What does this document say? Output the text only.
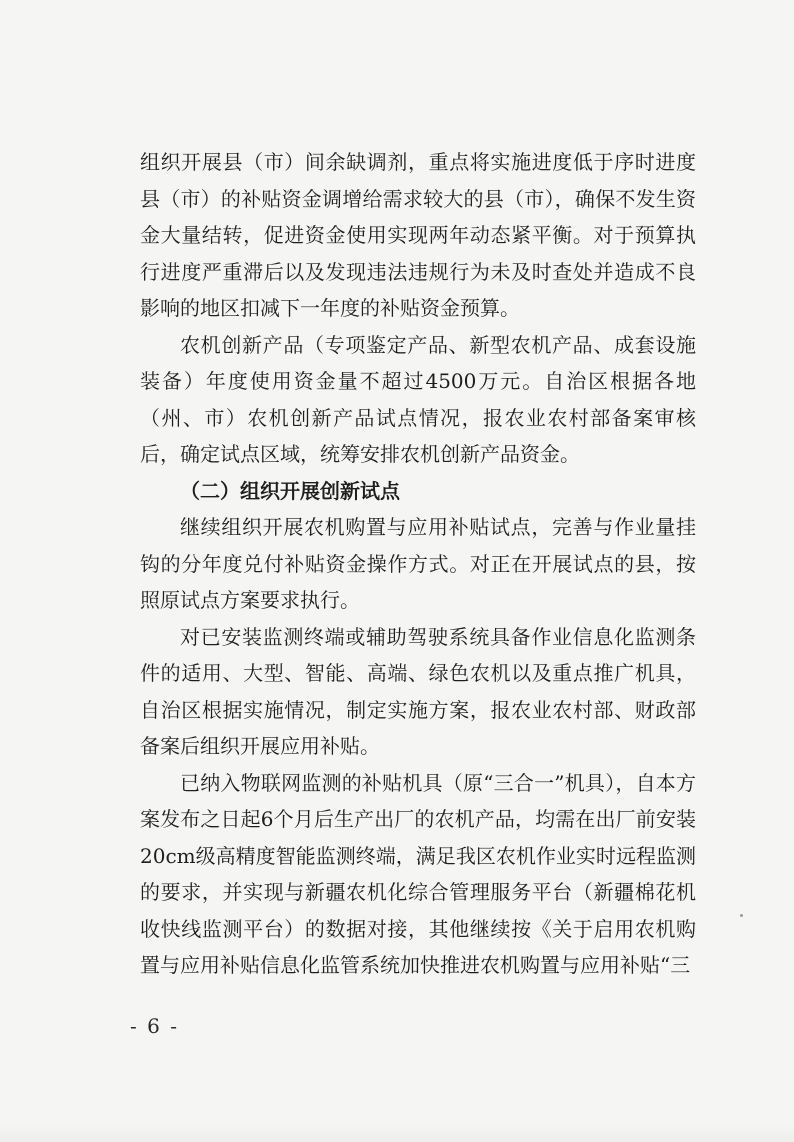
组织开展县（市）间余缺调剂，重点将实施进度低于序时进度县（市）的补贴资金调增给需求较大的县（市），确保不发生资金大量结转，促进资金使用实现两年动态紧平衡。对于预算执行进度严重滞后以及发现违法违规行为未及时查处并造成不良影响的地区扣减下一年度的补贴资金预算。

农机创新产品（专项鉴定产品、新型农机产品、成套设施装备）年度使用资金量不超过4500万元。自治区根据各地（州、市）农机创新产品试点情况，报农业农村部备案审核后，确定试点区域，统筹安排农机创新产品资金。

（二）组织开展创新试点

继续组织开展农机购置与应用补贴试点，完善与作业量挂钩的分年度兑付补贴资金操作方式。对正在开展试点的县，按照原试点方案要求执行。

对已安装监测终端或辅助驾驶系统具备作业信息化监测条件的适用、大型、智能、高端、绿色农机以及重点推广机具，自治区根据实施情况，制定实施方案，报农业农村部、财政部备案后组织开展应用补贴。

已纳入物联网监测的补贴机具（原“三合一”机具），自本方案发布之日起6个月后生产出厂的农机产品，均需在出厂前安装20cm级高精度智能监测终端，满足我区农机作业实时远程监测的要求，并实现与新疆农机化综合管理服务平台（新疆棉花机收快线监测平台）的数据对接，其他继续按《关于启用农机购置与应用补贴信息化监管系统加快推进农机购置与应用补贴“三

- 6 -
